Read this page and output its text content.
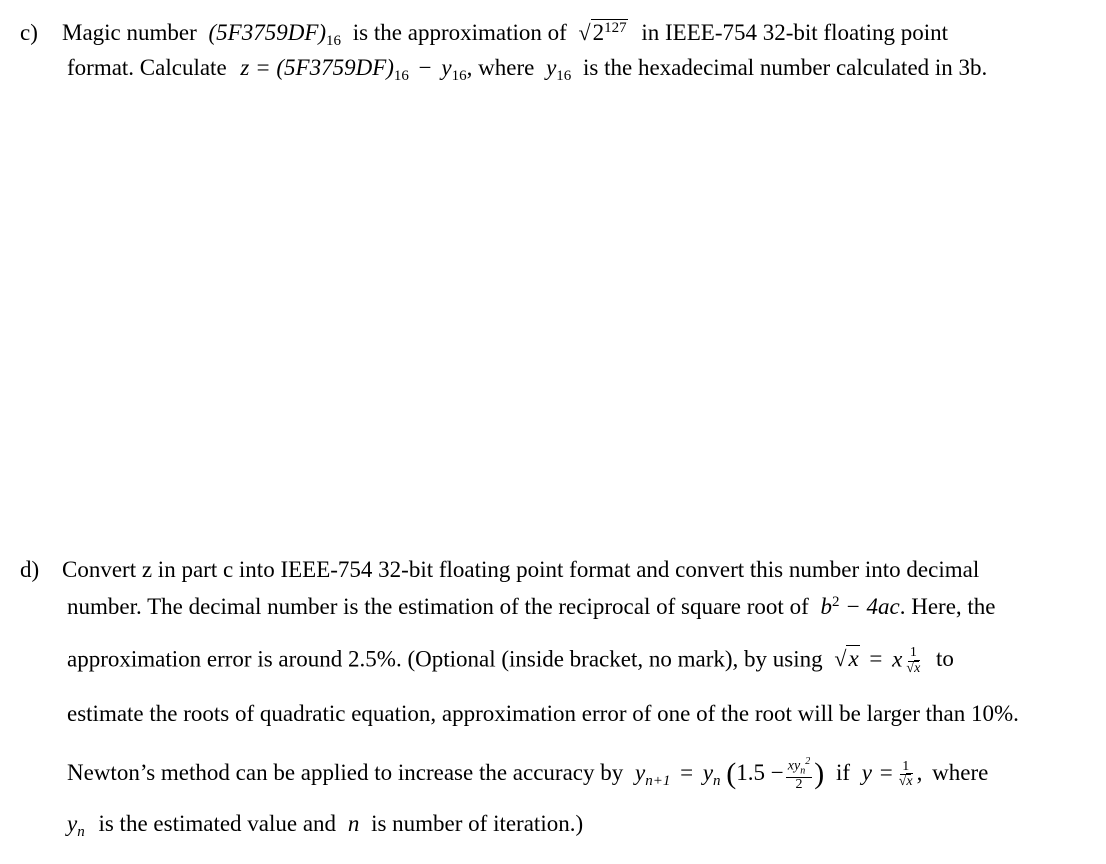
c) Magic number $(5F3759DF)_{16}$ is the approximation of $√2^{127}$ in IEEE-754 32-bit floating point
format. Calculate $z = (5F3759DF)_{16} - y_{16}$, where $y_{16}$ is the hexadecimal number calculated in 3b.
d) Convert z in part c into IEEE-754 32-bit floating point format and convert this number into decimal
number. The decimal number is the estimation of the reciprocal of square root of $b^2 - 4ac$. Here, the
approximation error is around 2.5%. (Optional (inside bracket, no mark), by using √x = x $\frac{1}{√x}$ to
estimate the roots of quadratic equation, approximation error of one of the root will be larger than 10%.
Newton’s method can be applied to increase the accuracy by $y_{n+1} = y_n$ ($1.5 - \frac{xy_n^2}{2}$ ) if $y = \frac{1}{√x}$ , where
$y_n$ is the estimated value and n is number of iteration.)
